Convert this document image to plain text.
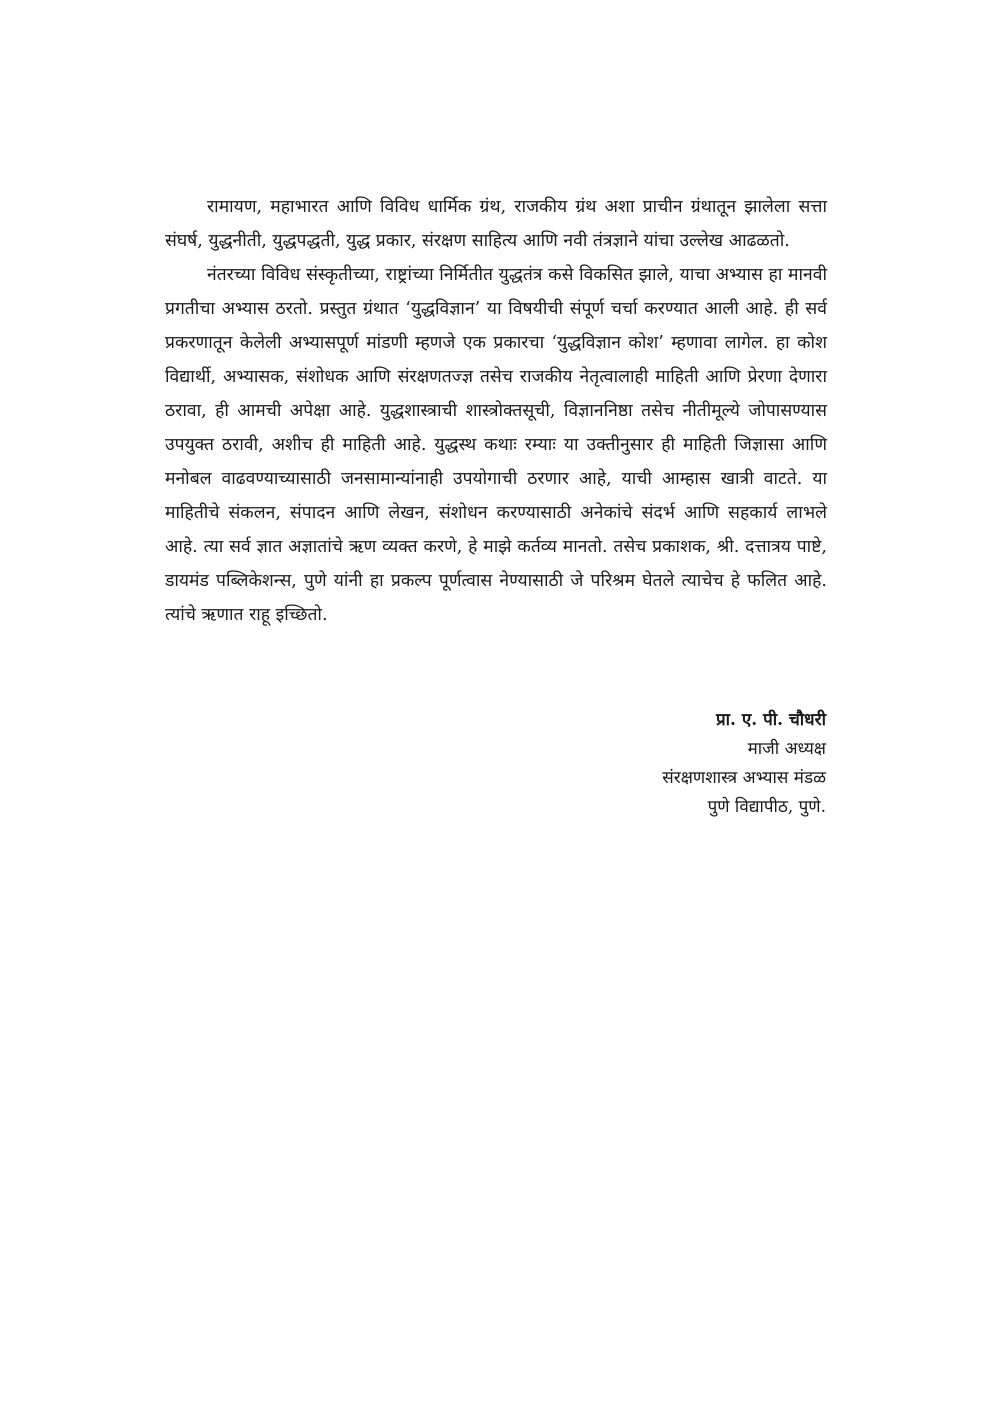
रामायण, महाभारत आणि विविध धार्मिक ग्रंथ, राजकीय ग्रंथ अशा प्राचीन ग्रंथातून झालेला सत्ता संघर्ष, युद्धनीती, युद्धपद्धती, युद्ध प्रकार, संरक्षण साहित्य आणि नवी तंत्रज्ञाने यांचा उल्लेख आढळतो.

नंतरच्या विविध संस्कृतीच्या, राष्ट्रांच्या निर्मितीत युद्धतंत्र कसे विकसित झाले, याचा अभ्यास हा मानवी प्रगतीचा अभ्यास ठरतो. प्रस्तुत ग्रंथात ‘युद्धविज्ञान’ या विषयीची संपूर्ण चर्चा करण्यात आली आहे. ही सर्व प्रकरणातून केलेली अभ्यासपूर्ण मांडणी म्हणजे एक प्रकारचा ‘युद्धविज्ञान कोश’ म्हणावा लागेल. हा कोश विद्यार्थी, अभ्यासक, संशोधक आणि संरक्षणतज्ज्ञ तसेच राजकीय नेतृत्वालाही माहिती आणि प्रेरणा देणारा ठरावा, ही आमची अपेक्षा आहे. युद्धशास्त्राची शास्त्रोक्तसूची, विज्ञाननिष्ठा तसेच नीतीमूल्ये जोपासण्यास उपयुक्त ठरावी, अशीच ही माहिती आहे. युद्धस्थ कथाः रम्याः या उक्तीनुसार ही माहिती जिज्ञासा आणि मनोबल वाढवण्याच्यासाठी जनसामान्यांनाही उपयोगाची ठरणार आहे, याची आम्हास खात्री वाटते. या माहितीचे संकलन, संपादन आणि लेखन, संशोधन करण्यासाठी अनेकांचे संदर्भ आणि सहकार्य लाभले आहे. त्या सर्व ज्ञात अज्ञातांचे ऋण व्यक्त करणे, हे माझे कर्तव्य मानतो. तसेच प्रकाशक, श्री. दत्तात्रय पाष्टे, डायमंड पब्लिकेशन्स, पुणे यांनी हा प्रकल्प पूर्णत्वास नेण्यासाठी जे परिश्रम घेतले त्याचेच हे फलित आहे. त्यांचे ऋणात राहू इच्छितो.

प्रा. ए. पी. चौधरी
माजी अध्यक्ष
संरक्षणशास्त्र अभ्यास मंडळ
पुणे विद्यापीठ, पुणे.
